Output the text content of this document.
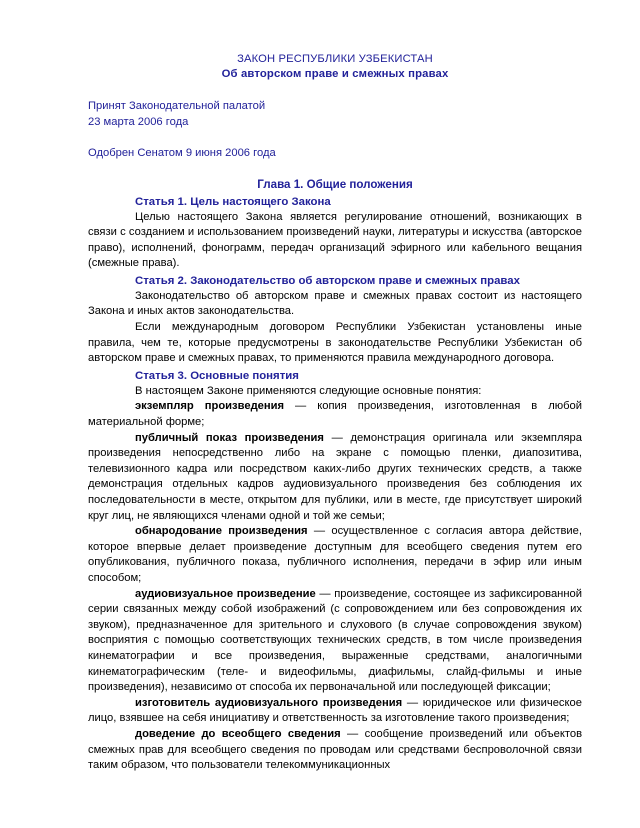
ЗАКОН РЕСПУБЛИКИ УЗБЕКИСТАН
Об авторском праве и смежных правах
Принят Законодательной палатой
23 марта 2006 года
Одобрен Сенатом 9 июня 2006 года
Глава 1. Общие положения
Статья 1. Цель настоящего Закона

Целью настоящего Закона является регулирование отношений, возникающих в связи с созданием и использованием произведений науки, литературы и искусства (авторское право), исполнений, фонограмм, передач организаций эфирного или кабельного вещания (смежные права).

Статья 2. Законодательство об авторском праве и смежных правах

Законодательство об авторском праве и смежных правах состоит из настоящего Закона и иных актов законодательства.

Если международным договором Республики Узбекистан установлены иные правила, чем те, которые предусмотрены в законодательстве Республики Узбекистан об авторском праве и смежных правах, то применяются правила международного договора.

Статья 3. Основные понятия

В настоящем Законе применяются следующие основные понятия:

экземпляр произведения — копия произведения, изготовленная в любой материальной форме;

публичный показ произведения — демонстрация оригинала или экземпляра произведения непосредственно либо на экране с помощью пленки, диапозитива, телевизионного кадра или посредством каких-либо других технических средств, а также демонстрация отдельных кадров аудиовизуального произведения без соблюдения их последовательности в месте, открытом для публики, или в месте, где присутствует широкий круг лиц, не являющихся членами одной и той же семьи;

обнародование произведения — осуществленное с согласия автора действие, которое впервые делает произведение доступным для всеобщего сведения путем его опубликования, публичного показа, публичного исполнения, передачи в эфир или иным способом;

аудиовизуальное произведение — произведение, состоящее из зафиксированной серии связанных между собой изображений (с сопровождением или без сопровождения их звуком), предназначенное для зрительного и слухового (в случае сопровождения звуком) восприятия с помощью соответствующих технических средств, в том числе произведения кинематографии и все произведения, выраженные средствами, аналогичными кинематографическим (теле- и видеофильмы, диафильмы, слайд-фильмы и иные произведения), независимо от способа их первоначальной или последующей фиксации;

изготовитель аудиовизуального произведения — юридическое или физическое лицо, взявшее на себя инициативу и ответственность за изготовление такого произведения;

доведение до всеобщего сведения — сообщение произведений или объектов смежных прав для всеобщего сведения по проводам или средствами беспроволочной связи таким образом, что пользователи телекоммуникационных
